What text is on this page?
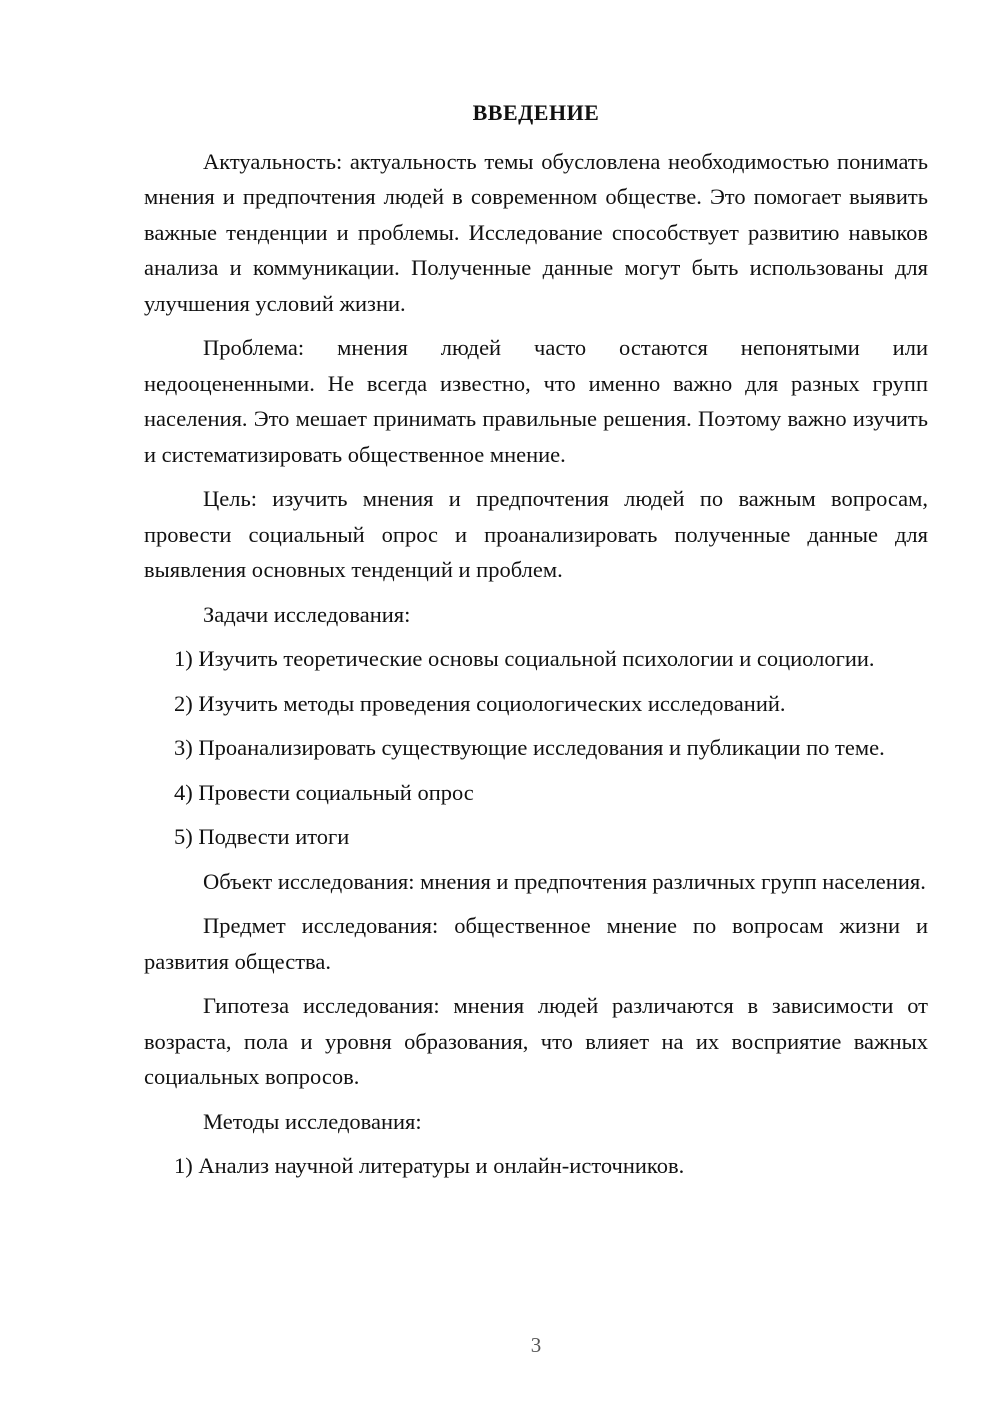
ВВЕДЕНИЕ

Актуальность: актуальность темы обусловлена необходимостью понимать мнения и предпочтения людей в современном обществе. Это помогает выявить важные тенденции и проблемы. Исследование способствует развитию навыков анализа и коммуникации. Полученные данные могут быть использованы для улучшения условий жизни.

Проблема: мнения людей часто остаются непонятыми или недооцененными. Не всегда известно, что именно важно для разных групп населения. Это мешает принимать правильные решения. Поэтому важно изучить и систематизировать общественное мнение.

Цель: изучить мнения и предпочтения людей по важным вопросам, провести социальный опрос и проанализировать полученные данные для выявления основных тенденций и проблем.

Задачи исследования:

1) Изучить теоретические основы социальной психологии и социологии.

2) Изучить методы проведения социологических исследований.

3) Проанализировать существующие исследования и публикации по теме.

4) Провести социальный опрос

5) Подвести итоги

Объект исследования: мнения и предпочтения различных групп населения.

Предмет исследования: общественное мнение по вопросам жизни и развития общества.

Гипотеза исследования: мнения людей различаются в зависимости от возраста, пола и уровня образования, что влияет на их восприятие важных социальных вопросов.

Методы исследования:

1) Анализ научной литературы и онлайн-источников.

3
